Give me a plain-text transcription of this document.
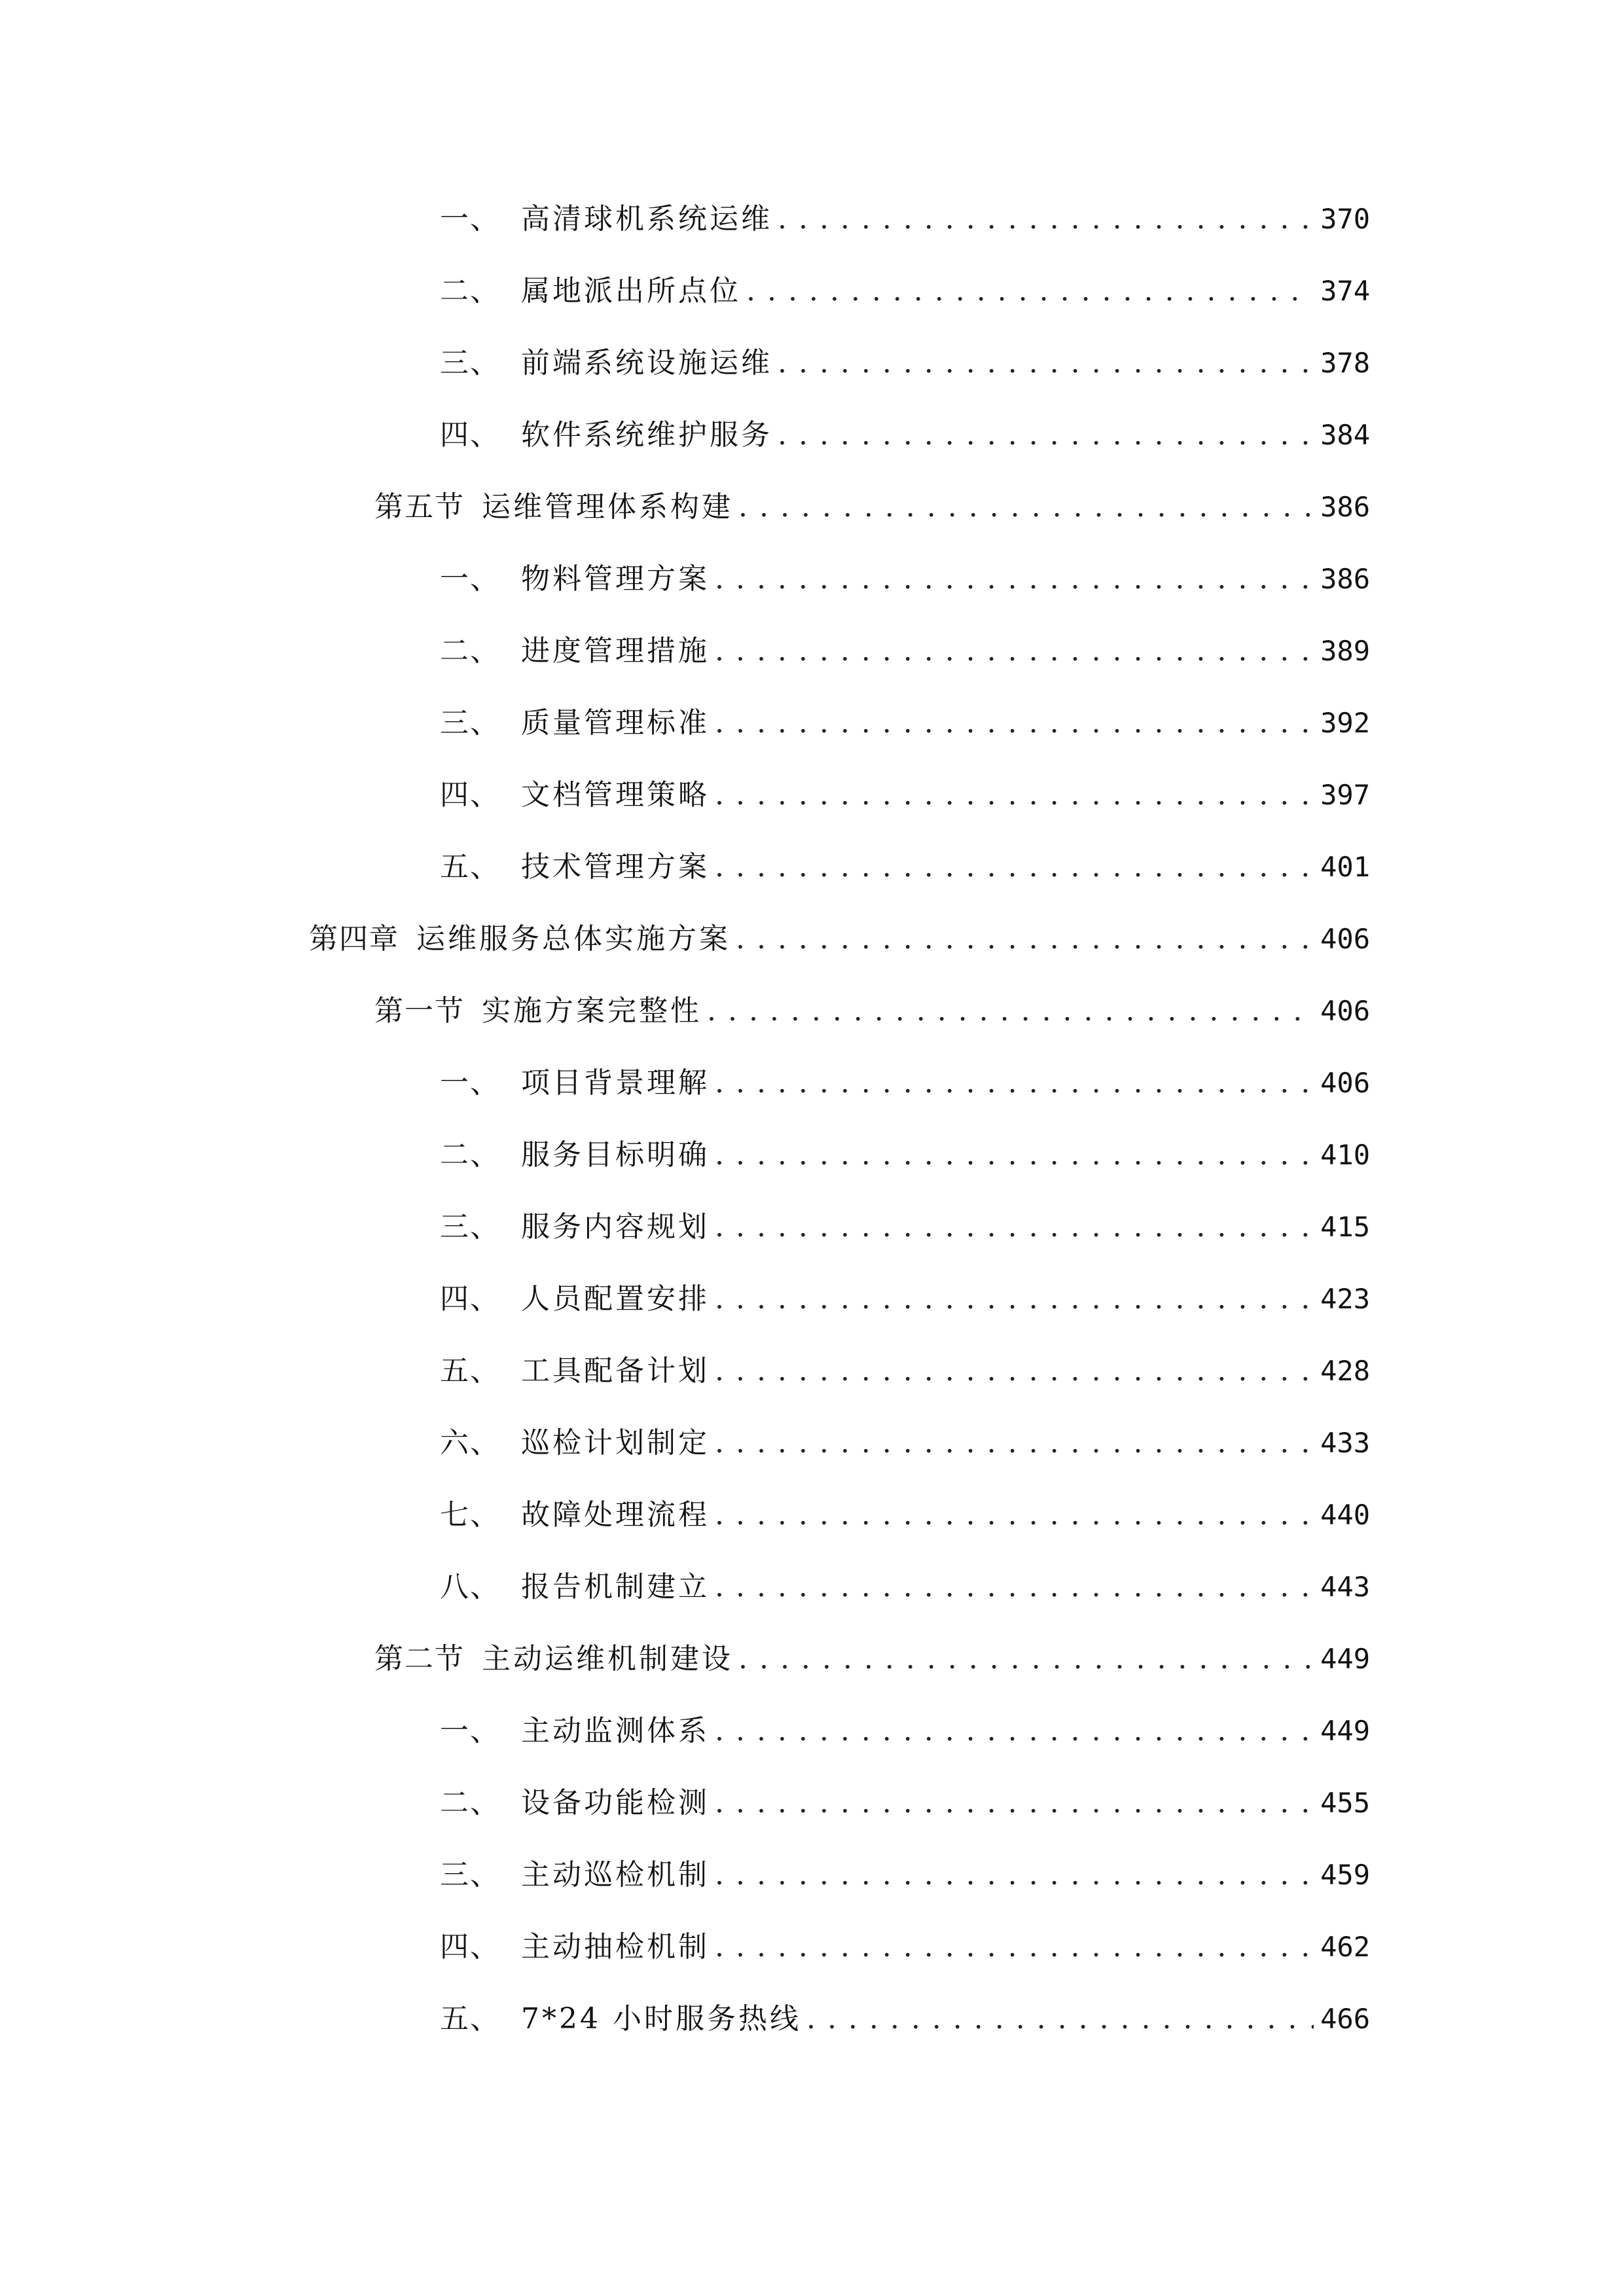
一、 高清球机系统运维 . . .	370
二、 属地派出所点位 . . .	374
三、 前端系统设施运维 . . .	378
四、 软件系统维护服务 . . .	384
第五节 运维管理体系构建 . . .	386
一、 物料管理方案 . . .	386
二、 进度管理措施 . . .	389
三、 质量管理标准 . . .	392
四、 文档管理策略 . . .	397
五、 技术管理方案 . . .	401
第四章 运维服务总体实施方案 . . .	406
第一节 实施方案完整性 . . .	406
一、 项目背景理解 . . .	406
二、 服务目标明确 . . .	410
三、 服务内容规划 . . .	415
四、 人员配置安排 . . .	423
五、 工具配备计划 . . .	428
六、 巡检计划制定 . . .	433
七、 故障处理流程 . . .	440
八、 报告机制建立 . . .	443
第二节 主动运维机制建设 . . .	449
一、 主动监测体系 . . .	449
二、 设备功能检测 . . .	455
三、 主动巡检机制 . . .	459
四、 主动抽检机制 . . .	462
五、 7*24 小时服务热线 . . .	466
